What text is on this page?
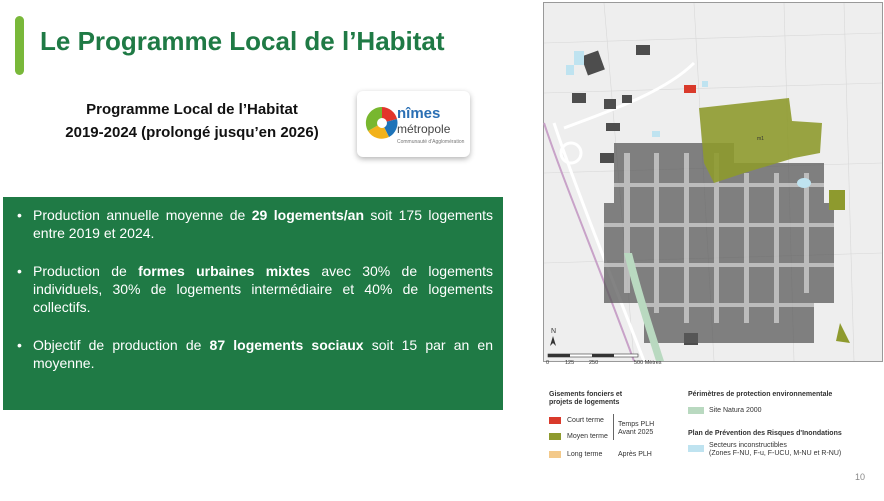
Le Programme Local de l’Habitat
Programme Local de l’Habitat
2019-2024 (prolongé jusqu’en 2026)
nîmes
métropole
Communauté d'Agglomération
• Production annuelle moyenne de 29 logements/an soit 175 logements entre 2019 et 2024.
• Production de formes urbaines mixtes avec 30% de logements individuels, 30% de logements intermédiaire et 40% de logements collectifs.
• Objectif de production de 87 logements sociaux soit 15 par an en moyenne.
m1
N
0	125	250	500 Mètres
Gisements fonciers et projets de logements
Court terme
Moyen terme
Long terme
Temps PLH
Avant 2025
Après PLH
Périmètres de protection environnementale
Site Natura 2000
Plan de Prévention des Risques d'Inondations
Secteurs inconstructibles
(Zones F-NU, F-u, F-UCU, M-NU et R-NU)
10
